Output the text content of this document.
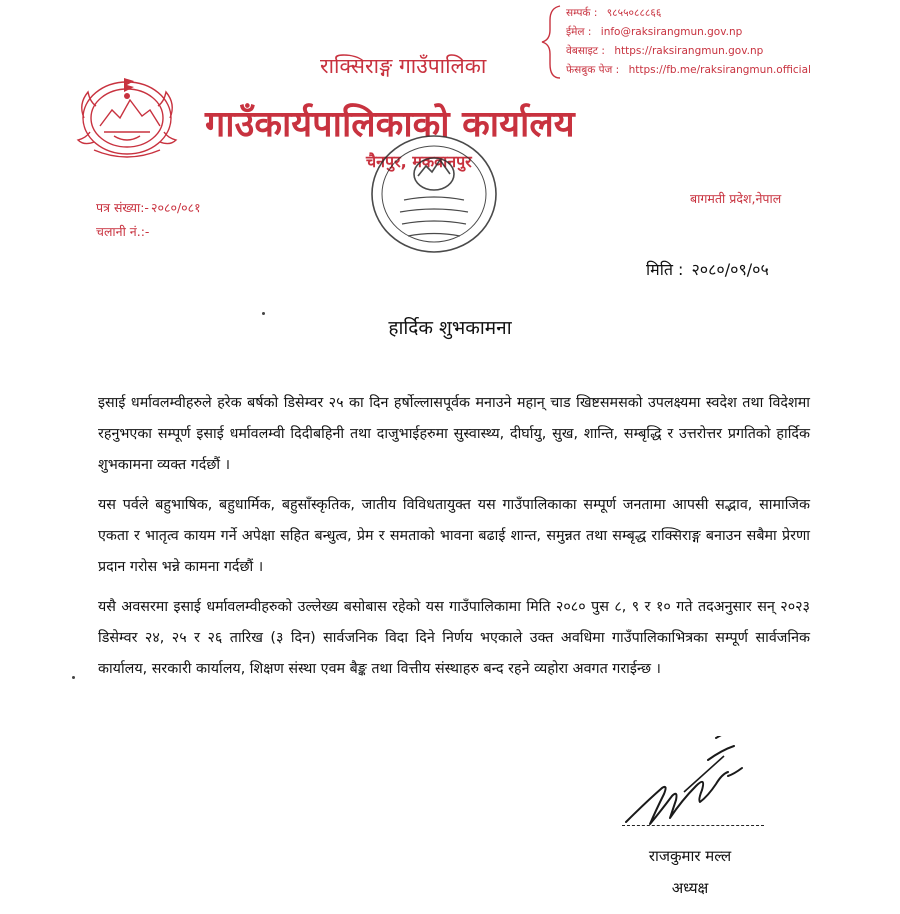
राक्सिराङ्ग गाउँपालिका
गाउँकार्यपालिकाको कार्यालय
चैनपुर, मकवानपुर
सम्पर्क : ९८५५०८८८६६
ईमेल : info@raksirangmun.gov.np
वेबसाइट : https://raksirangmun.gov.np
फेसबुक पेज : https://fb.me/raksirangmun.official
पत्र संख्या:- २०८०/०८१
चलानी नं.:-
बागमती प्रदेश,नेपाल
मिति : २०८०/०९/०५
हार्दिक शुभकामना
इसाई धर्मावलम्वीहरुले हरेक बर्षको डिसेम्वर २५ का दिन हर्षोल्लासपूर्वक मनाउने महान् चाड खिष्टसमसको उपलक्ष्यमा स्वदेश तथा विदेशमा रहनुभएका सम्पूर्ण इसाई धर्मावलम्वी दिदीबहिनी तथा दाजुभाईहरुमा सुस्वास्थ्य, दीर्घायु, सुख, शान्ति, सम्बृद्धि र उत्तरोत्तर प्रगतिको हार्दिक शुभकामना व्यक्त गर्दछौं ।
यस पर्वले बहुभाषिक, बहुधार्मिक, बहुसाँस्कृतिक, जातीय विविधतायुक्त यस गाउँपालिकाका सम्पूर्ण जनतामा आपसी सद्भाव, सामाजिक एकता र भातृत्व कायम गर्ने अपेक्षा सहित बन्धुत्व, प्रेम र समताको भावना बढाई शान्त, समुन्नत तथा सम्बृद्ध राक्सिराङ्ग बनाउन सबैमा प्रेरणा प्रदान गरोस भन्ने कामना गर्दछौं ।
यसै अवसरमा इसाई धर्मावलम्वीहरुको उल्लेख्य बसोबास रहेको यस गाउँपालिकामा मिति २०८० पुस ८, ९ र १० गते तदअनुसार सन् २०२३ डिसेम्वर २४, २५ र २६ तारिख (३ दिन) सार्वजनिक विदा दिने निर्णय भएकाले उक्त अवधिमा गाउँपालिकाभित्रका सम्पूर्ण सार्वजनिक कार्यालय, सरकारी कार्यालय, शिक्षण संस्था एवम बैङ्क तथा वित्तीय संस्थाहरु बन्द रहने व्यहोरा अवगत गराईन्छ ।
राजकुमार मल्ल
अध्यक्ष
